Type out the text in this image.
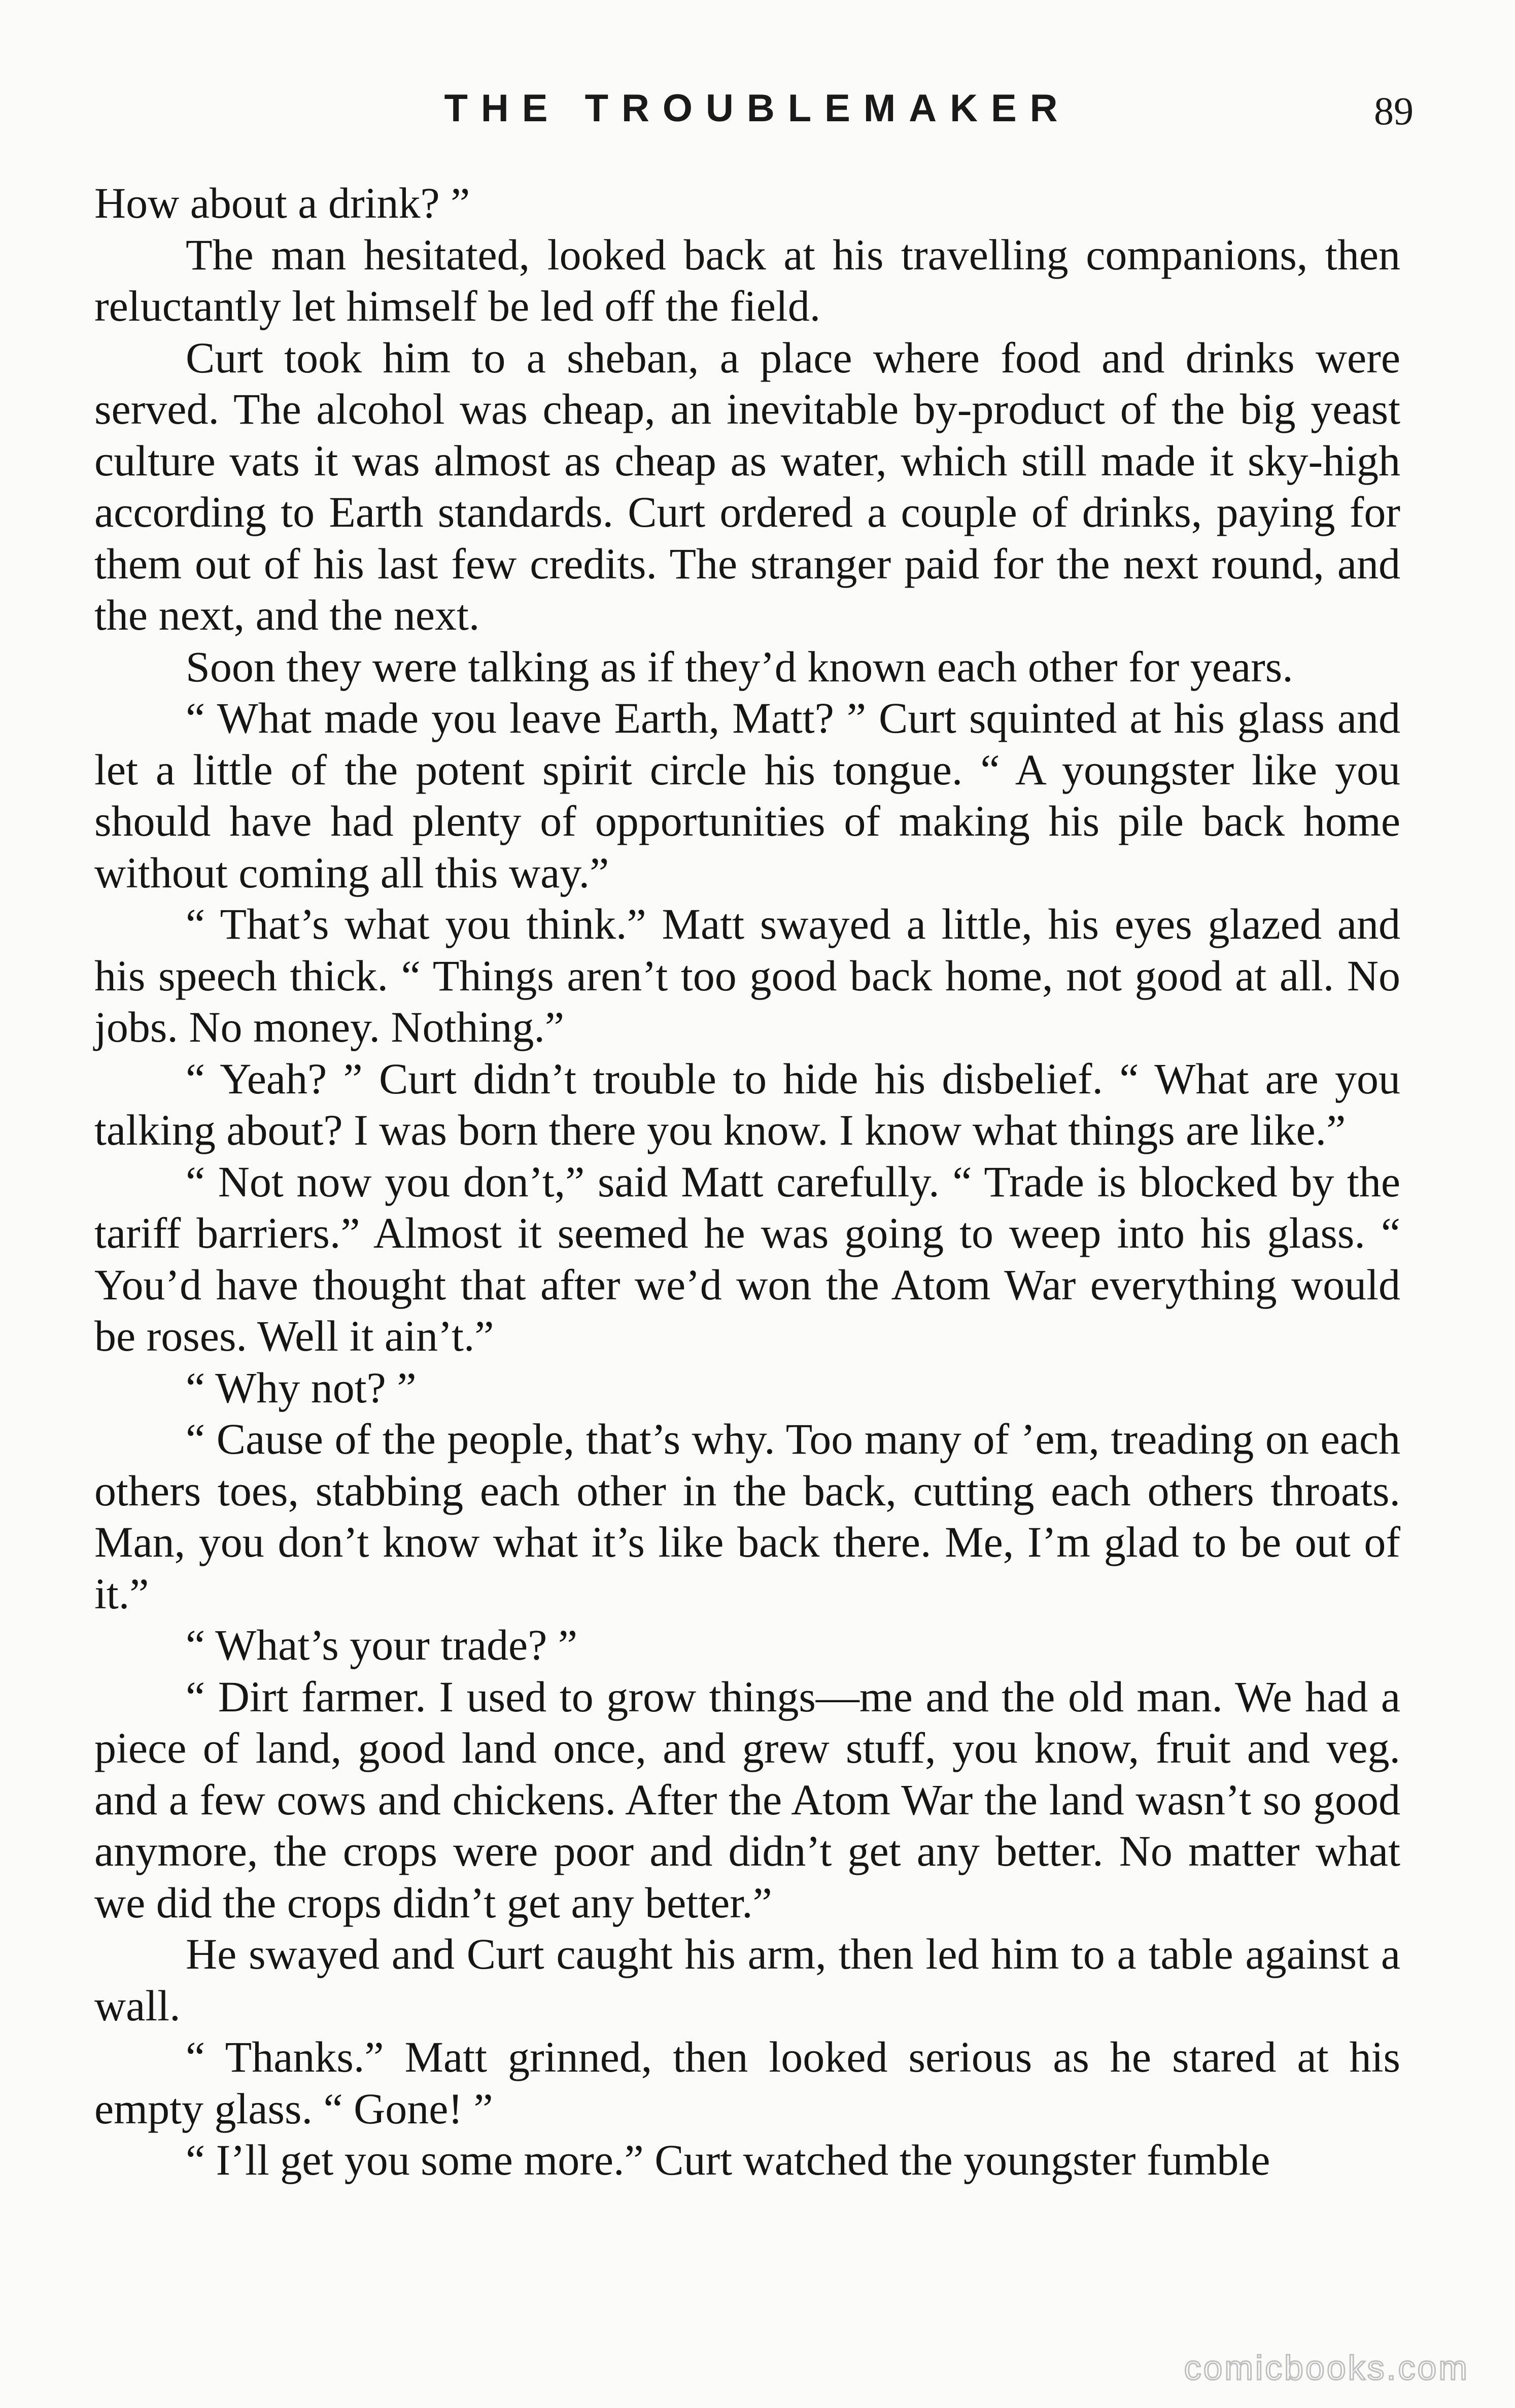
THE TROUBLEMAKER	89

How about a drink? ”

The man hesitated, looked back at his travelling companions, then reluctantly let himself be led off the field.

Curt took him to a sheban, a place where food and drinks were served. The alcohol was cheap, an inevitable by-product of the big yeast culture vats it was almost as cheap as water, which still made it sky-high according to Earth standards. Curt ordered a couple of drinks, paying for them out of his last few credits. The stranger paid for the next round, and the next, and the next.

Soon they were talking as if they’d known each other for years.

“ What made you leave Earth, Matt? ” Curt squinted at his glass and let a little of the potent spirit circle his tongue. “ A youngster like you should have had plenty of opportunities of making his pile back home without coming all this way.”

“ That’s what you think.” Matt swayed a little, his eyes glazed and his speech thick. “ Things aren’t too good back home, not good at all. No jobs. No money. Nothing.”

“ Yeah? ” Curt didn’t trouble to hide his disbelief. “ What are you talking about? I was born there you know. I know what things are like.”

“ Not now you don’t,” said Matt carefully. “ Trade is blocked by the tariff barriers.” Almost it seemed he was going to weep into his glass. “ You’d have thought that after we’d won the Atom War everything would be roses. Well it ain’t.”

“ Why not? ”

“ Cause of the people, that’s why. Too many of ’em, treading on each others toes, stabbing each other in the back, cutting each others throats. Man, you don’t know what it’s like back there. Me, I’m glad to be out of it.”

“ What’s your trade? ”

“ Dirt farmer. I used to grow things—me and the old man. We had a piece of land, good land once, and grew stuff, you know, fruit and veg. and a few cows and chickens. After the Atom War the land wasn’t so good anymore, the crops were poor and didn’t get any better. No matter what we did the crops didn’t get any better.”

He swayed and Curt caught his arm, then led him to a table against a wall.

“ Thanks.” Matt grinned, then looked serious as he stared at his empty glass. “ Gone! ”

“ I’ll get you some more.” Curt watched the youngster fumble

comicbooks.com
